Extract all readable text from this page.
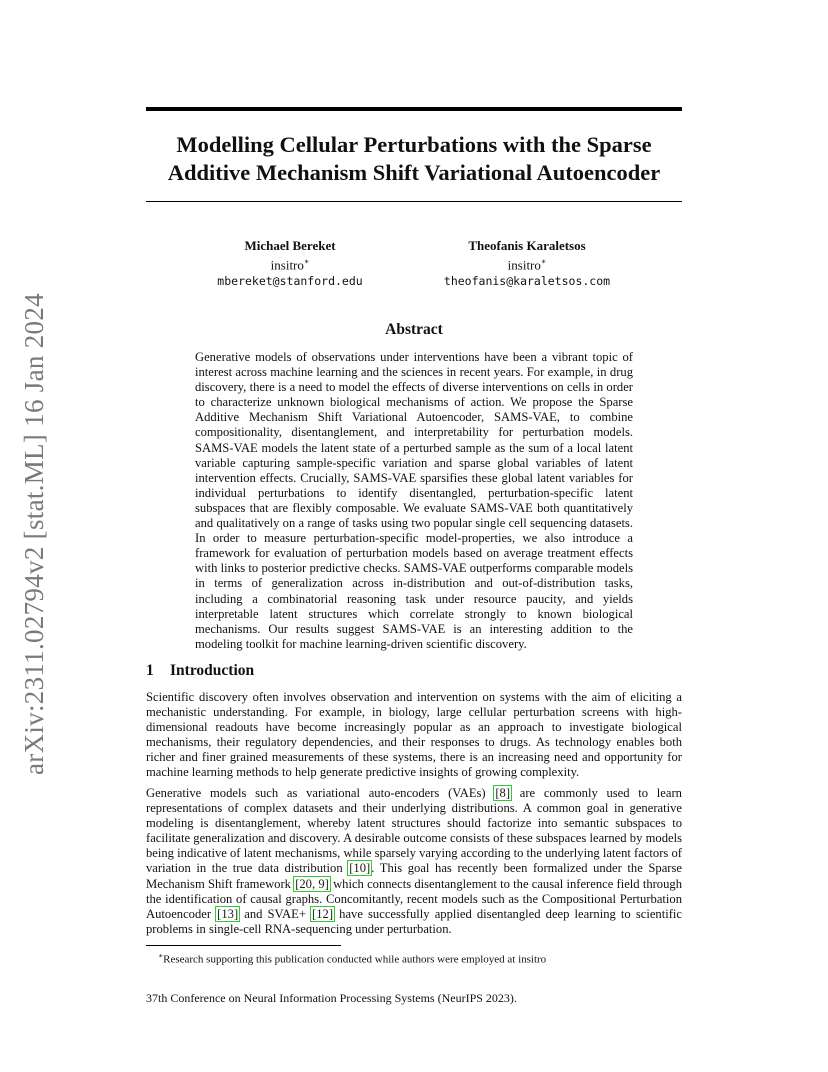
arXiv:2311.02794v2 [stat.ML] 16 Jan 2024
Modelling Cellular Perturbations with the Sparse Additive Mechanism Shift Variational Autoencoder
Michael Bereket
insitro∗
mbereket@stanford.edu
Theofanis Karaletsos
insitro∗
theofanis@karaletsos.com
Abstract

Generative models of observations under interventions have been a vibrant topic of interest across machine learning and the sciences in recent years. For example, in drug discovery, there is a need to model the effects of diverse interventions on cells in order to characterize unknown biological mechanisms of action. We propose the Sparse Additive Mechanism Shift Variational Autoencoder, SAMS-VAE, to combine compositionality, disentanglement, and interpretability for perturbation models. SAMS-VAE models the latent state of a perturbed sample as the sum of a local latent variable capturing sample-specific variation and sparse global variables of latent intervention effects. Crucially, SAMS-VAE sparsifies these global latent variables for individual perturbations to identify disentangled, perturbation-specific latent subspaces that are flexibly composable. We evaluate SAMS-VAE both quantitatively and qualitatively on a range of tasks using two popular single cell sequencing datasets. In order to measure perturbation-specific model-properties, we also introduce a framework for evaluation of perturbation models based on average treatment effects with links to posterior predictive checks. SAMS-VAE outperforms comparable models in terms of generalization across in-distribution and out-of-distribution tasks, including a combinatorial reasoning task under resource paucity, and yields interpretable latent structures which correlate strongly to known biological mechanisms. Our results suggest SAMS-VAE is an interesting addition to the modeling toolkit for machine learning-driven scientific discovery.

1 Introduction

Scientific discovery often involves observation and intervention on systems with the aim of eliciting a mechanistic understanding. For example, in biology, large cellular perturbation screens with high-dimensional readouts have become increasingly popular as an approach to investigate biological mechanisms, their regulatory dependencies, and their responses to drugs. As technology enables both richer and finer grained measurements of these systems, there is an increasing need and opportunity for machine learning methods to help generate predictive insights of growing complexity.

Generative models such as variational auto-encoders (VAEs) [8] are commonly used to learn representations of complex datasets and their underlying distributions. A common goal in generative modeling is disentanglement, whereby latent structures should factorize into semantic subspaces to facilitate generalization and discovery. A desirable outcome consists of these subspaces learned by models being indicative of latent mechanisms, while sparsely varying according to the underlying latent factors of variation in the true data distribution [10]. This goal has recently been formalized under the Sparse Mechanism Shift framework [20, 9] which connects disentanglement to the causal inference field through the identification of causal graphs. Concomitantly, recent models such as the Compositional Perturbation Autoencoder [13] and SVAE+ [12] have successfully applied disentangled deep learning to scientific problems in single-cell RNA-sequencing under perturbation.

∗Research supporting this publication conducted while authors were employed at insitro

37th Conference on Neural Information Processing Systems (NeurIPS 2023).
